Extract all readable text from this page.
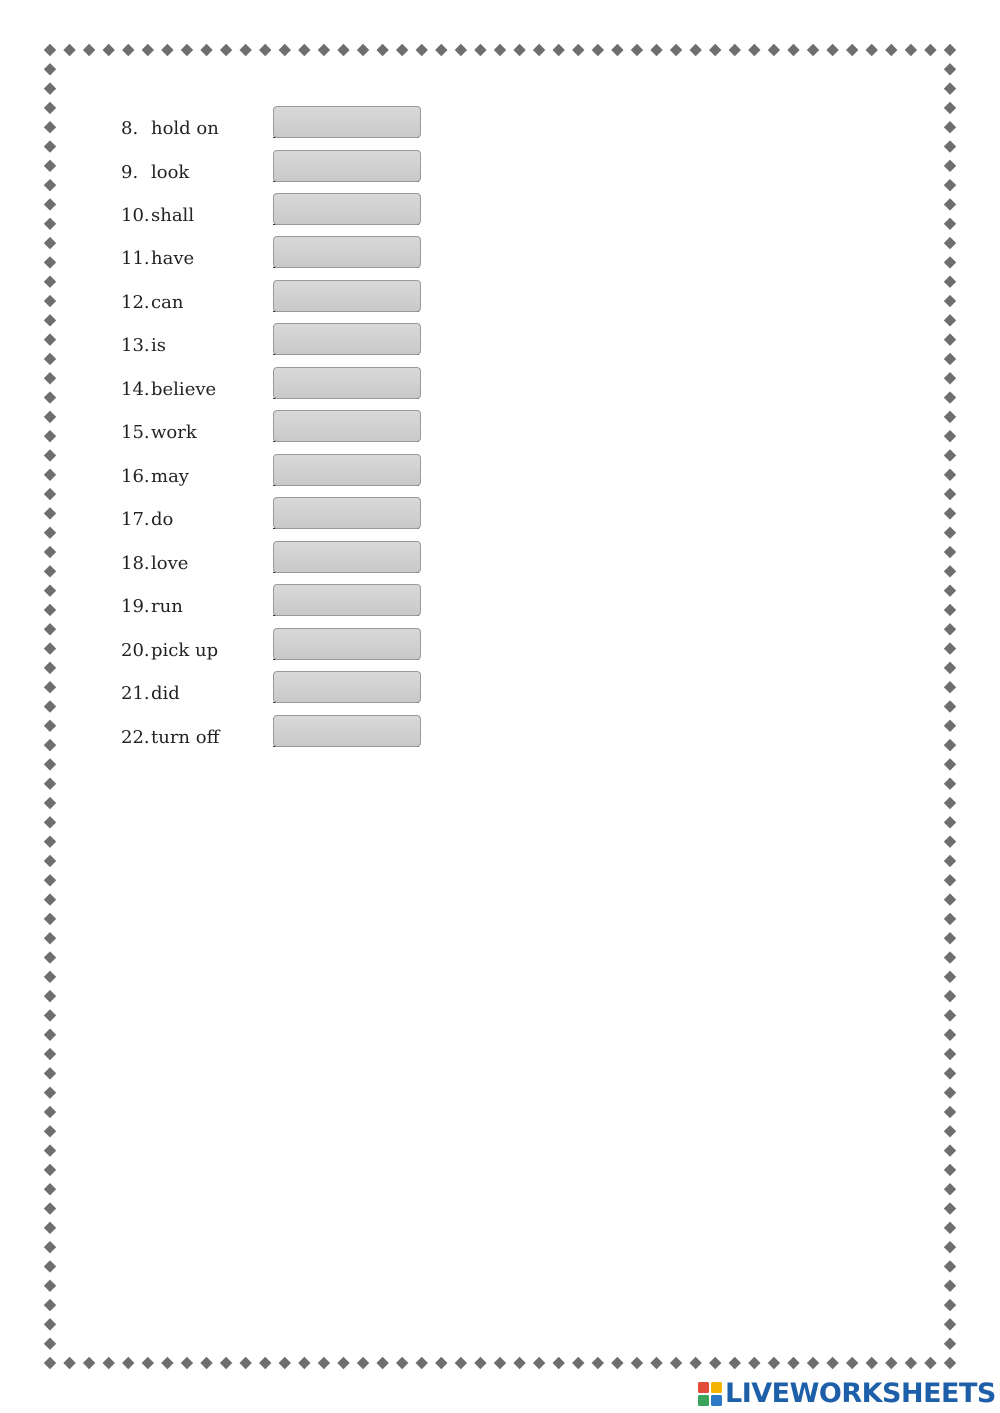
8. hold on
9. look
10. shall
11. have
12. can
13. is
14. believe
15. work
16. may
17. do
18. love
19. run
20. pick up
21. did
22. turn off
LIVEWORKSHEETS
